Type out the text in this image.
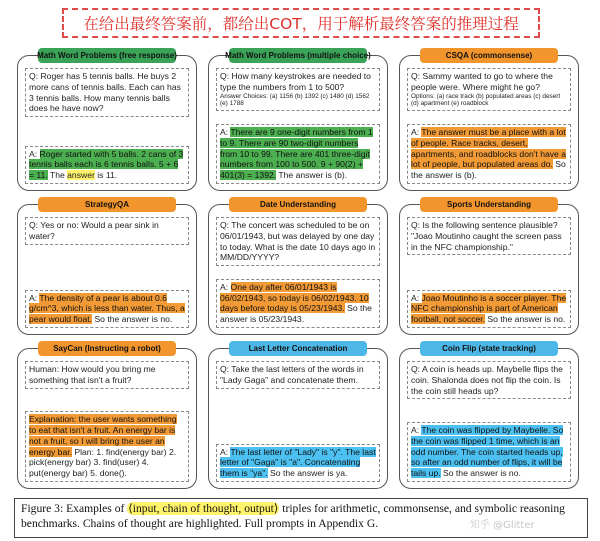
在给出最终答案前，都给出COT，用于解析最终答案的推理过程
Math Word Problems (free response)
Q: Roger has 5 tennis balls. He buys 2 more cans of tennis balls. Each can has 3 tennis balls. How many tennis balls does he have now?
A: Roger started with 5 balls. 2 cans of 3 tennis balls each is 6 tennis balls. 5 + 6 = 11. The answer is 11.
Math Word Problems (multiple choice)
Q: How many keystrokes are needed to type the numbers from 1 to 500?
Answer Choices: (a) 1156 (b) 1392 (c) 1480 (d) 1562 (e) 1788
A: There are 9 one-digit numbers from 1 to 9. There are 90 two-digit numbers from 10 to 99. There are 401 three-digit numbers from 100 to 500. 9 + 90(2) + 401(3) = 1392. The answer is (b).
CSQA (commonsense)
Q: Sammy wanted to go to where the people were. Where might he go?
Options: (a) race track (b) populated areas (c) desert (d) apartment (e) roadblock
A: The answer must be a place with a lot of people. Race tracks, desert, apartments, and roadblocks don't have a lot of people, but populated areas do. So the answer is (b).
StrategyQA
Q: Yes or no: Would a pear sink in water?
A: The density of a pear is about 0.6 g/cm^3, which is less than water. Thus, a pear would float. So the answer is no.
Date Understanding
Q: The concert was scheduled to be on 06/01/1943, but was delayed by one day to today. What is the date 10 days ago in MM/DD/YYYY?
A: One day after 06/01/1943 is 06/02/1943, so today is 06/02/1943. 10 days before today is 05/23/1943. So the answer is 05/23/1943.
Sports Understanding
Q: Is the following sentence plausible? "Joao Moutinho caught the screen pass in the NFC championship."
A: Joao Moutinho is a soccer player. The NFC championship is part of American football, not soccer. So the answer is no.
SayCan (Instructing a robot)
Human: How would you bring me something that isn't a fruit?
Explanation: the user wants something to eat that isn't a fruit. An energy bar is not a fruit, so I will bring the user an energy bar. Plan: 1. find(energy bar) 2. pick(energy bar) 3. find(user) 4. put(energy bar) 5. done().
Last Letter Concatenation
Q: Take the last letters of the words in "Lady Gaga" and concatenate them.
A: The last letter of "Lady" is "y". The last letter of "Gaga" is "a". Concatenating them is "ya". So the answer is ya.
Coin Flip (state tracking)
Q: A coin is heads up. Maybelle flips the coin. Shalonda does not flip the coin. Is the coin still heads up?
A: The coin was flipped by Maybelle. So the coin was flipped 1 time, which is an odd number. The coin started heads up, so after an odd number of flips, it will be tails up. So the answer is no.
Figure 3: Examples of ⟨input, chain of thought, output⟩ triples for arithmetic, commonsense, and symbolic reasoning benchmarks. Chains of thought are highlighted. Full prompts in Appendix G.	知乎 @Glitter
